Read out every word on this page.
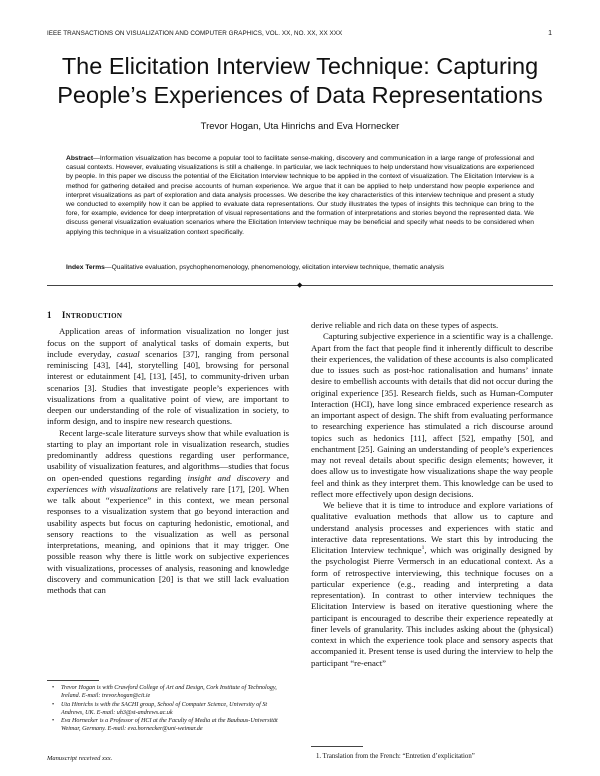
IEEE TRANSACTIONS ON VISUALIZATION AND COMPUTER GRAPHICS, VOL. XX, NO. XX, XX XXX	1
The Elicitation Interview Technique: Capturing
People’s Experiences of Data Representations
Trevor Hogan, Uta Hinrichs and Eva Hornecker
Abstract—Information visualization has become a popular tool to facilitate sense-making, discovery and communication in a large range of professional and casual contexts. However, evaluating visualizations is still a challenge. In particular, we lack techniques to help understand how visualizations are experienced by people. In this paper we discuss the potential of the Elicitation Interview technique to be applied in the context of visualization. The Elicitation Interview is a method for gathering detailed and precise accounts of human experience. We argue that it can be applied to help understand how people experience and interpret visualizations as part of exploration and data analysis processes. We describe the key characteristics of this interview technique and present a study we conducted to exemplify how it can be applied to evaluate data representations. Our study illustrates the types of insights this technique can bring to the fore, for example, evidence for deep interpretation of visual representations and the formation of interpretations and stories beyond the represented data. We discuss general visualization evaluation scenarios where the Elicitation Interview technique may be beneficial and specify what needs to be considered when applying this technique in a visualization context specifically.
Index Terms—Qualitative evaluation, psychophenomenology, phenomenology, elicitation interview technique, thematic analysis
◆
1 INTRODUCTION

Application areas of information visualization no longer just focus on the support of analytical tasks of domain experts, but include everyday, casual scenarios [37], ranging from personal reminiscing [43], [44], storytelling [40], browsing for personal interest or edutainment [4], [13], [45], to community-driven urban scenarios [3]. Studies that investigate people’s experiences with visualizations from a qualitative point of view, are important to deepen our understanding of the role of visualization in society, to inform design, and to inspire new research questions.

Recent large-scale literature surveys show that while evaluation is starting to play an important role in visualization research, studies predominantly address questions regarding user performance, usability of visualization features, and algorithms—studies that focus on open-ended questions regarding insight and discovery and experiences with visualizations are relatively rare [17], [20]. When we talk about “experience” in this context, we mean personal responses to a visualization system that go beyond interaction and usability aspects but focus on capturing hedonistic, emotional, and sensory reactions to the visualization as well as personal interpretations, meaning, and opinions that it may trigger. One possible reason why there is little work on subjective experiences with visualizations, processes of analysis, reasoning and knowledge discovery and communication [20] is that we still lack evaluation methods that can

derive reliable and rich data on these types of aspects.

Capturing subjective experience in a scientific way is a challenge. Apart from the fact that people find it inherently difficult to describe their experiences, the validation of these accounts is also complicated due to issues such as post-hoc rationalisation and humans’ innate desire to embellish accounts with details that did not occur during the original experience [35]. Research fields, such as Human-Computer Interaction (HCI), have long since embraced experience research as an important aspect of design. The shift from evaluating performance to researching experience has stimulated a rich discourse around topics such as hedonics [11], affect [52], empathy [50], and enchantment [25]. Gaining an understanding of people’s experiences may not reveal details about specific design elements; however, it does allow us to investigate how visualizations shape the way people feel and think as they interpret them. This knowledge can be used to reflect more effectively upon design decisions.

We believe that it is time to introduce and explore variations of qualitative evaluation methods that allow us to capture and understand analysis processes and experiences with static and interactive data representations. We start this by introducing the Elicitation Interview technique$^1$, which was originally designed by the psychologist Pierre Vermersch in an educational context. As a form of retrospective interviewing, this technique focuses on a particular experience (e.g., reading and interpreting a data representation). In contrast to other interview techniques the Elicitation Interview is based on iterative questioning where the participant is encouraged to describe their experience repeatedly at finer levels of granularity. This includes asking about the (physical) context in which the experience took place and sensory aspects that accompanied it. Present tense is used during the interview to help the participant “re-enact”

• Trevor Hogan is with Crawford College of Art and Design, Cork Institute of Technology, Ireland. E-mail: trevor.hogan@cit.ie
• Uta Hinrichs is with the SACHI group, School of Computer Science, University of St Andrews, UK. E-mail: uh3@st-andrews.ac.uk
• Eva Hornecker is a Professor of HCI at the Faculty of Media at the Bauhaus-Universität Weimar, Germany. E-mail: eva.hornecker@uni-weimar.de
Manuscript received xxx.	1. Translation from the French: “Entretien d’explicitation”
